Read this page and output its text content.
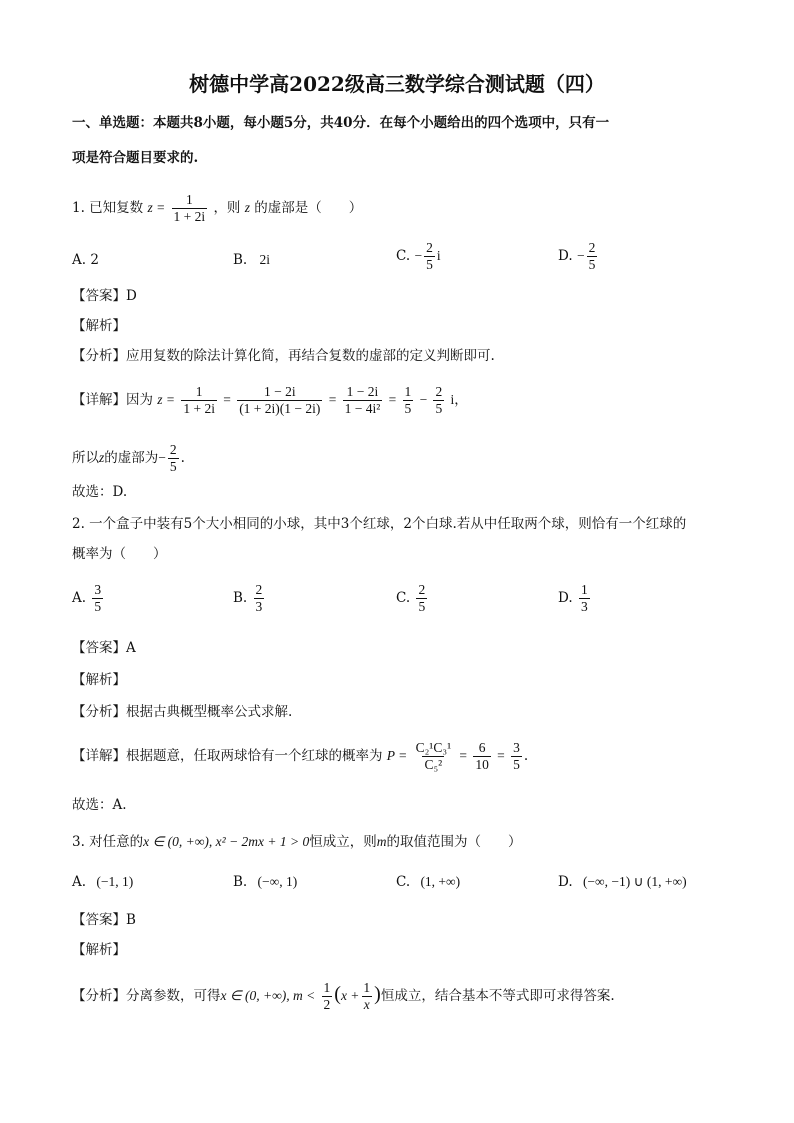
树德中学高2022级高三数学综合测试题（四）
一、单选题：本题共8小题，每小题5分，共40分．在每个小题给出的四个选项中，只有一
项是符合题目要求的.
1. 已知复数 $z = \frac{1}{1 + 2i}$ ，则 z 的虚部是（　　）
A. 2	B. 2i	C. − $\frac{2}{5}$ i	D. − $\frac{2}{5}$
【答案】D
【解析】
【分析】应用复数的除法计算化简，再结合复数的虚部的定义判断即可.
【详解】因为 $z = \frac{1}{1 + 2i} = \frac{1 - 2i}{(1 + 2i)(1 - 2i)} = \frac{1 - 2i}{\text{1 − 4i²}} = \frac{1}{5} - \frac{2}{5}$ i，
所以z的虚部为− $\frac{2}{5}$ .
故选：D.
2. 一个盒子中装有5个大小相同的小球，其中3个红球，2个白球.若从中任取两个球，则恰有一个红球的
概率为（　　）
A. $\frac{3}{5}$	B. $\frac{2}{3}$	C. $\frac{2}{5}$	D. $\frac{1}{3}$
【答案】A
【解析】
【分析】根据古典概型概率公式求解.
【详解】根据题意，任取两球恰有一个红球的概率为 $P = \frac{\text{C₂¹C₃¹}}{\text{C₅²}} = \frac{6}{10} = \frac{3}{5}$ .
故选：A.
3. 对任意的x ∈ (0, +∞), x² − 2mx + 1 > 0恒成立，则m的取值范围为（　　）
A. (−1, 1)	B. (−∞, 1)	C. (1, +∞)	D. (−∞, −1) ∪ (1, +∞)
【答案】B
【解析】
【分析】分离参数，可得x ∈ (0, +∞), $m < \frac{1}{2} (x + \frac{1}{x}$ )恒成立，结合基本不等式即可求得答案.
